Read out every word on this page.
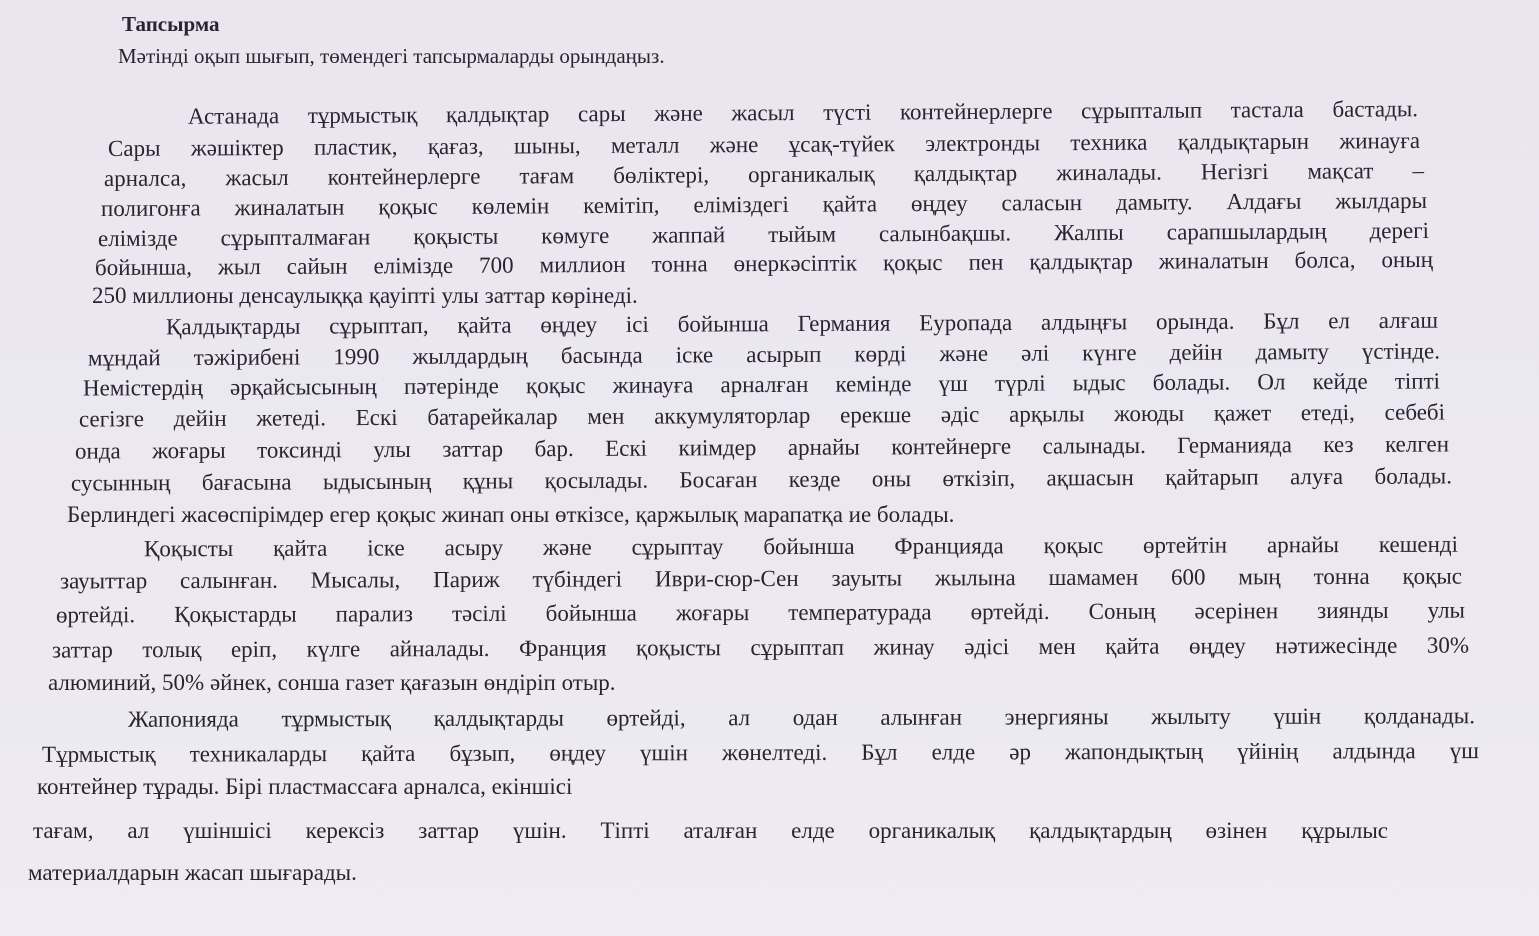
Тапсырма
Мәтінді оқып шығып, төмендегі тапсырмаларды орындаңыз.
Астанада тұрмыстық қалдықтар сары және жасыл түсті контейнерлерге сұрыпталып тастала бастады.
Сары жәшіктер пластик, қағаз, шыны, металл және ұсақ-түйек электронды техника қалдықтарын жинауға
арналса, жасыл контейнерлерге тағам бөліктері, органикалық қалдықтар жиналады. Негізгі мақсат –
полигонға жиналатын қоқыс көлемін кемітіп, еліміздегі қайта өңдеу саласын дамыту. Алдағы жылдары
елімізде сұрыпталмаған қоқысты көмуге жаппай тыйым салынбақшы. Жалпы сарапшылардың дерегі
бойынша, жыл сайын елімізде 700 миллион тонна өнеркәсіптік қоқыс пен қалдықтар жиналатын болса, оның
250 миллионы денсаулыққа қауіпті улы заттар көрінеді.
Қалдықтарды сұрыптап, қайта өңдеу ісі бойынша Германия Еуропада алдыңғы орында. Бұл ел алғаш
мұндай тәжірибені 1990 жылдардың басында іске асырып көрді және әлі күнге дейін дамыту үстінде.
Немістердің әрқайсысының пәтерінде қоқыс жинауға арналған кемінде үш түрлі ыдыс болады. Ол кейде тіпті
сегізге дейін жетеді. Ескі батарейкалар мен аккумуляторлар ерекше әдіс арқылы жоюды қажет етеді, себебі
онда жоғары токсинді улы заттар бар. Ескі киімдер арнайы контейнерге салынады. Германияда кез келген
сусынның бағасына ыдысының құны қосылады. Босаған кезде оны өткізіп, ақшасын қайтарып алуға болады.
Берлиндегі жасөспірімдер егер қоқыс жинап оны өткізсе, қаржылық марапатқа ие болады.
Қоқысты қайта іске асыру және сұрыптау бойынша Францияда қоқыс өртейтін арнайы кешенді
зауыттар салынған. Мысалы, Париж түбіндегі Иври-сюр-Сен зауыты жылына шамамен 600 мың тонна қоқыс
өртейді. Қоқыстарды парализ тәсілі бойынша жоғары температурада өртейді. Соның әсерінен зиянды улы
заттар толық еріп, күлге айналады. Франция қоқысты сұрыптап жинау әдісі мен қайта өңдеу нәтижесінде 30%
алюминий, 50% әйнек, сонша газет қағазын өндіріп отыр.
Жапонияда тұрмыстық қалдықтарды өртейді, ал одан алынған энергияны жылыту үшін қолданады.
Тұрмыстық техникаларды қайта бұзып, өңдеу үшін жөнелтеді. Бұл елде әр жапондықтың үйінің алдында үш
контейнер тұрады. Бірі пластмассаға арналса, екіншісі
тағам, ал үшіншісі керексіз заттар үшін. Тіпті аталған елде органикалық қалдықтардың өзінен құрылыс
материалдарын жасап шығарады.
